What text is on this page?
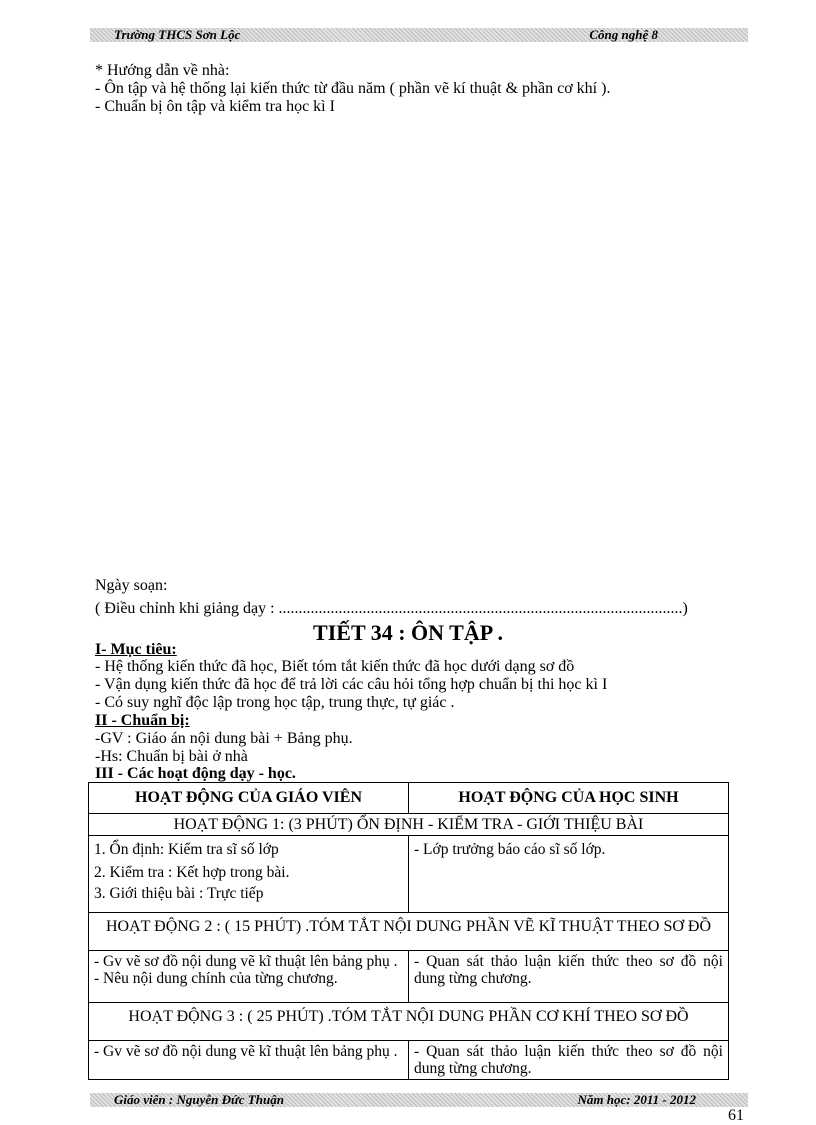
Trường THCS Sơn Lộc	Công nghệ 8
* Hướng dẫn về nhà:
- Ôn tập và hệ thống lại kiến thức từ đầu năm ( phần vẽ kí thuật & phần cơ khí ).
- Chuẩn bị ôn tập và kiểm tra học kì I
Ngày soạn:
( Điều chỉnh khi giảng dạy : .....................................................................................................)
TIẾT 34 : ÔN TẬP .
I- Mục tiêu:
- Hệ thống kiến thức đã học, Biết tóm tắt kiến thức đã học dưới dạng sơ đồ
- Vận dụng kiến thức đã học để trả lời các câu hỏi tổng hợp chuẩn bị thi học kì I
- Có suy nghĩ độc lập trong học tập, trung thực, tự giác .
II - Chuẩn bị:
-GV : Giáo án nội dung bài + Bảng phụ.
-Hs: Chuẩn bị bài ở nhà
III - Các hoạt động dạy - học.
HOẠT ĐỘNG CỦA GIÁO VIÊN	HOẠT ĐỘNG CỦA HỌC SINH
HOẠT ĐỘNG 1: (3 PHÚT) ỔN ĐỊNH - KIỂM TRA - GIỚI THIỆU BÀI	

1. Ổn định: Kiểm tra sĩ số lớp

2. Kiểm tra : Kết hợp trong bài.

3. Giới thiệu bài : Trực tiếp	- Lớp trưởng báo cáo sĩ số lớp.

HOẠT ĐỘNG 2 : ( 15 PHÚT) .TÓM TẮT NỘI DUNG PHẦN VẼ KĨ THUẬT THEO SƠ ĐỒ	

- Gv vẽ sơ đồ nội dung vẽ kĩ thuật lên bảng phụ .

- Nêu nội dung chính của từng chương.	- Quan sát thảo luận kiến thức theo sơ đồ nội dung từng chương.

HOẠT ĐỘNG 3 : ( 25 PHÚT) .TÓM TẮT NỘI DUNG PHẦN CƠ KHÍ THEO SƠ ĐỒ	

- Gv vẽ sơ đồ nội dung vẽ kĩ thuật lên bảng phụ .	- Quan sát thảo luận kiến thức theo sơ đồ nội dung từng chương.

Giáo viên : Nguyễn Đức Thuận	Năm học: 2011 - 2012
61
